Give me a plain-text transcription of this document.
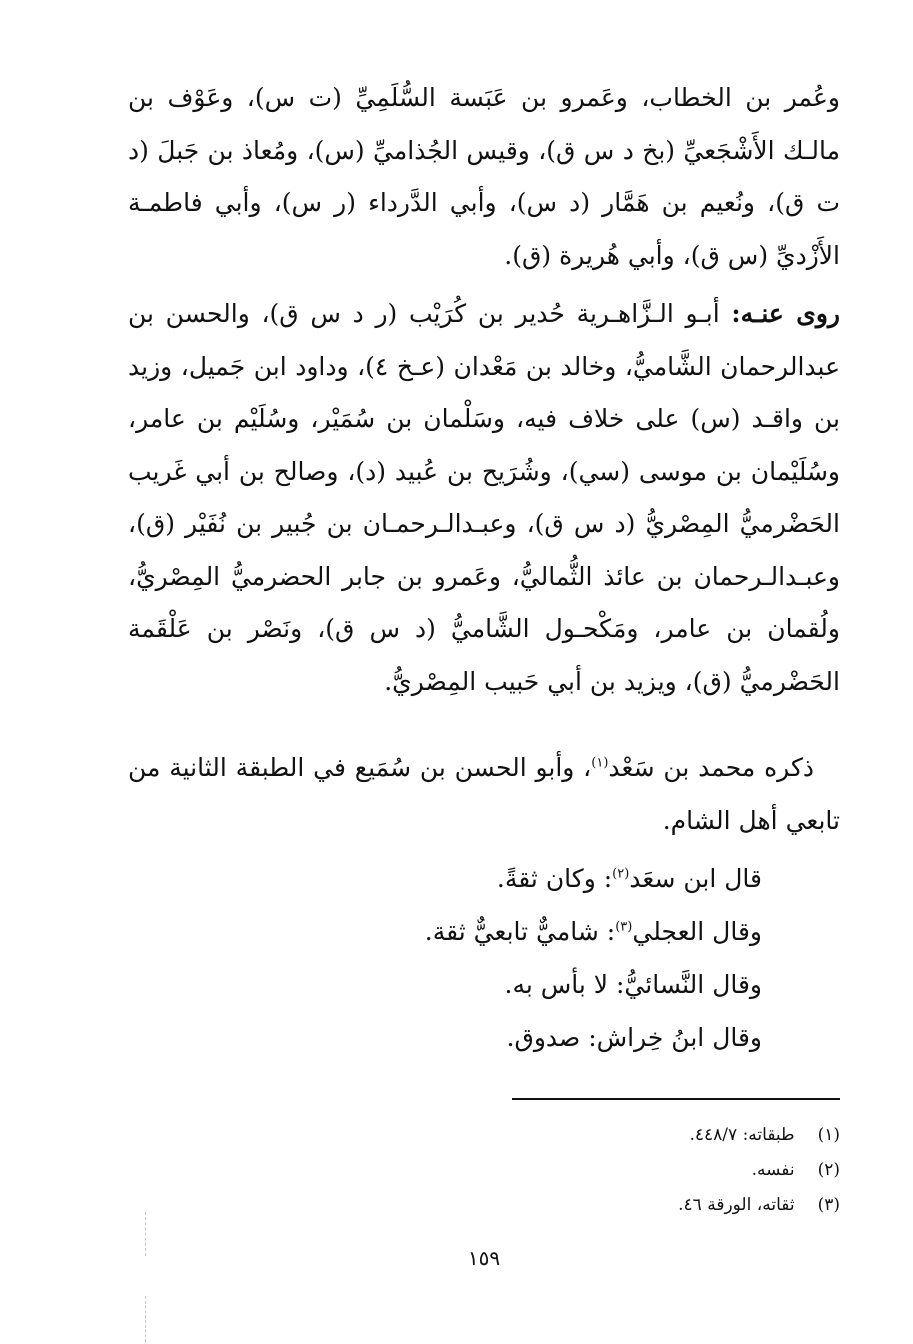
وعُمر بن الخطاب، وعَمرو بن عَبَسة السُّلَمِيِّ (ت س)، وعَوْف بن مالـك الأَشْجَعيِّ (بخ د س ق)، وقيس الجُذاميِّ (س)، ومُعاذ بن جَبلَ (د ت ق)، ونُعيم بن هَمَّار (د س)، وأبي الدَّرداء (ر س)، وأبي فاطمـة الأَزْديِّ (س ق)، وأبي هُريرة (ق).

روى عنـه: أبـو الـزَّاهـرية حُدير بن كُرَيْب (ر د س ق)، والحسن بن عبدالرحمان الشَّاميُّ، وخالد بن مَعْدان (عـخ ٤)، وداود ابن جَميل، وزيد بن واقـد (س) على خلاف فيه، وسَلْمان بن سُمَيْر، وسُلَيْم بن عامر، وسُلَيْمان بن موسى (سي)، وشُرَيح بن عُبيد (د)، وصالح بن أبي غَريب الحَضْرميُّ المِصْريُّ (د س ق)، وعبـدالـرحمـان بن جُبير بن نُفَيْر (ق)، وعبـدالـرحمان بن عائذ الثُّماليُّ، وعَمرو بن جابر الحضرميُّ المِصْريُّ، ولُقمان بن عامر، ومَكْحـول الشَّاميُّ (د س ق)، ونَصْر بن عَلْقَمة الحَضْرميُّ (ق)، ويزيد بن أبي حَبيب المِصْريُّ.

ذكره محمد بن سَعْد$^{(١)}$، وأبو الحسن بن سُمَيع في الطبقة الثانية من تابعي أهل الشام.

قال ابن سعَد$^{(٢)}$: وكان ثقةً.
وقال العجلي$^{(٣)}$: شاميٌّ تابعيٌّ ثقة.
وقال النَّسائيُّ: لا بأس به.
وقال ابنُ خِراش: صدوق.
(١) طبقاته: ٤٤٨/٧.
(٢) نفسه.
(٣) ثقاته، الورقة ٤٦.
١٥٩
